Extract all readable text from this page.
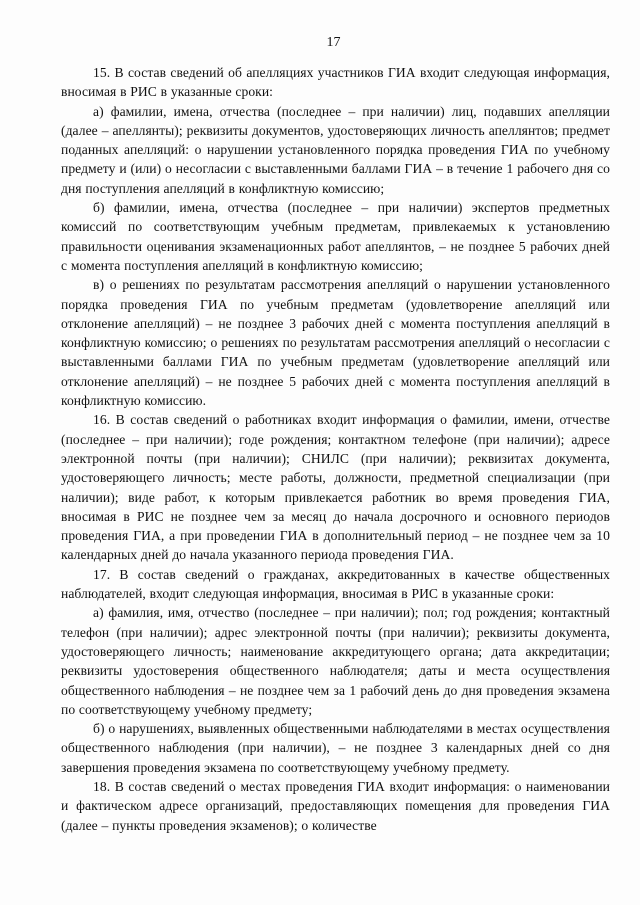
17

15. В состав сведений об апелляциях участников ГИА входит следующая информация, вносимая в РИС в указанные сроки:

а) фамилии, имена, отчества (последнее – при наличии) лиц, подавших апелляции (далее – апеллянты); реквизиты документов, удостоверяющих личность апеллянтов; предмет поданных апелляций: о нарушении установленного порядка проведения ГИА по учебному предмету и (или) о несогласии с выставленными баллами ГИА – в течение 1 рабочего дня со дня поступления апелляций в конфликтную комиссию;

б) фамилии, имена, отчества (последнее – при наличии) экспертов предметных комиссий по соответствующим учебным предметам, привлекаемых к установлению правильности оценивания экзаменационных работ апеллянтов, – не позднее 5 рабочих дней с момента поступления апелляций в конфликтную комиссию;

в) о решениях по результатам рассмотрения апелляций о нарушении установленного порядка проведения ГИА по учебным предметам (удовлетворение апелляций или отклонение апелляций) – не позднее 3 рабочих дней с момента поступления апелляций в конфликтную комиссию; о решениях по результатам рассмотрения апелляций о несогласии с выставленными баллами ГИА по учебным предметам (удовлетворение апелляций или отклонение апелляций) – не позднее 5 рабочих дней с момента поступления апелляций в конфликтную комиссию.

16. В состав сведений о работниках входит информация о фамилии, имени, отчестве (последнее – при наличии); годе рождения; контактном телефоне (при наличии); адресе электронной почты (при наличии); СНИЛС (при наличии); реквизитах документа, удостоверяющего личность; месте работы, должности, предметной специализации (при наличии); виде работ, к которым привлекается работник во время проведения ГИА, вносимая в РИС не позднее чем за месяц до начала досрочного и основного периодов проведения ГИА, а при проведении ГИА в дополнительный период – не позднее чем за 10 календарных дней до начала указанного периода проведения ГИА.

17. В состав сведений о гражданах, аккредитованных в качестве общественных наблюдателей, входит следующая информация, вносимая в РИС в указанные сроки:

а) фамилия, имя, отчество (последнее – при наличии); пол; год рождения; контактный телефон (при наличии); адрес электронной почты (при наличии); реквизиты документа, удостоверяющего личность; наименование аккредитующего органа; дата аккредитации; реквизиты удостоверения общественного наблюдателя; даты и места осуществления общественного наблюдения – не позднее чем за 1 рабочий день до дня проведения экзамена по соответствующему учебному предмету;

б) о нарушениях, выявленных общественными наблюдателями в местах осуществления общественного наблюдения (при наличии), – не позднее 3 календарных дней со дня завершения проведения экзамена по соответствующему учебному предмету.

18. В состав сведений о местах проведения ГИА входит информация: о наименовании и фактическом адресе организаций, предоставляющих помещения для проведения ГИА (далее – пункты проведения экзаменов); о количестве
